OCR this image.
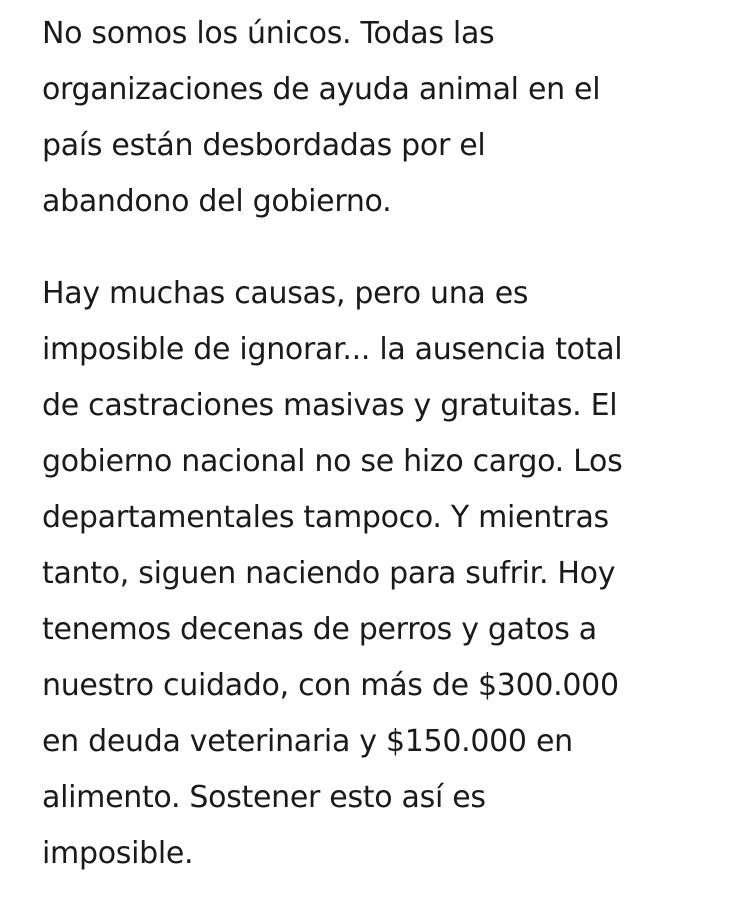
No somos los únicos. Todas las
organizaciones de ayuda animal en el
país están desbordadas por el
abandono del gobierno.
Hay muchas causas, pero una es
imposible de ignorar... la ausencia total
de castraciones masivas y gratuitas. El
gobierno nacional no se hizo cargo. Los
departamentales tampoco. Y mientras
tanto, siguen naciendo para sufrir. Hoy
tenemos decenas de perros y gatos a
nuestro cuidado, con más de $300.000
en deuda veterinaria y $150.000 en
alimento. Sostener esto así es
imposible.
